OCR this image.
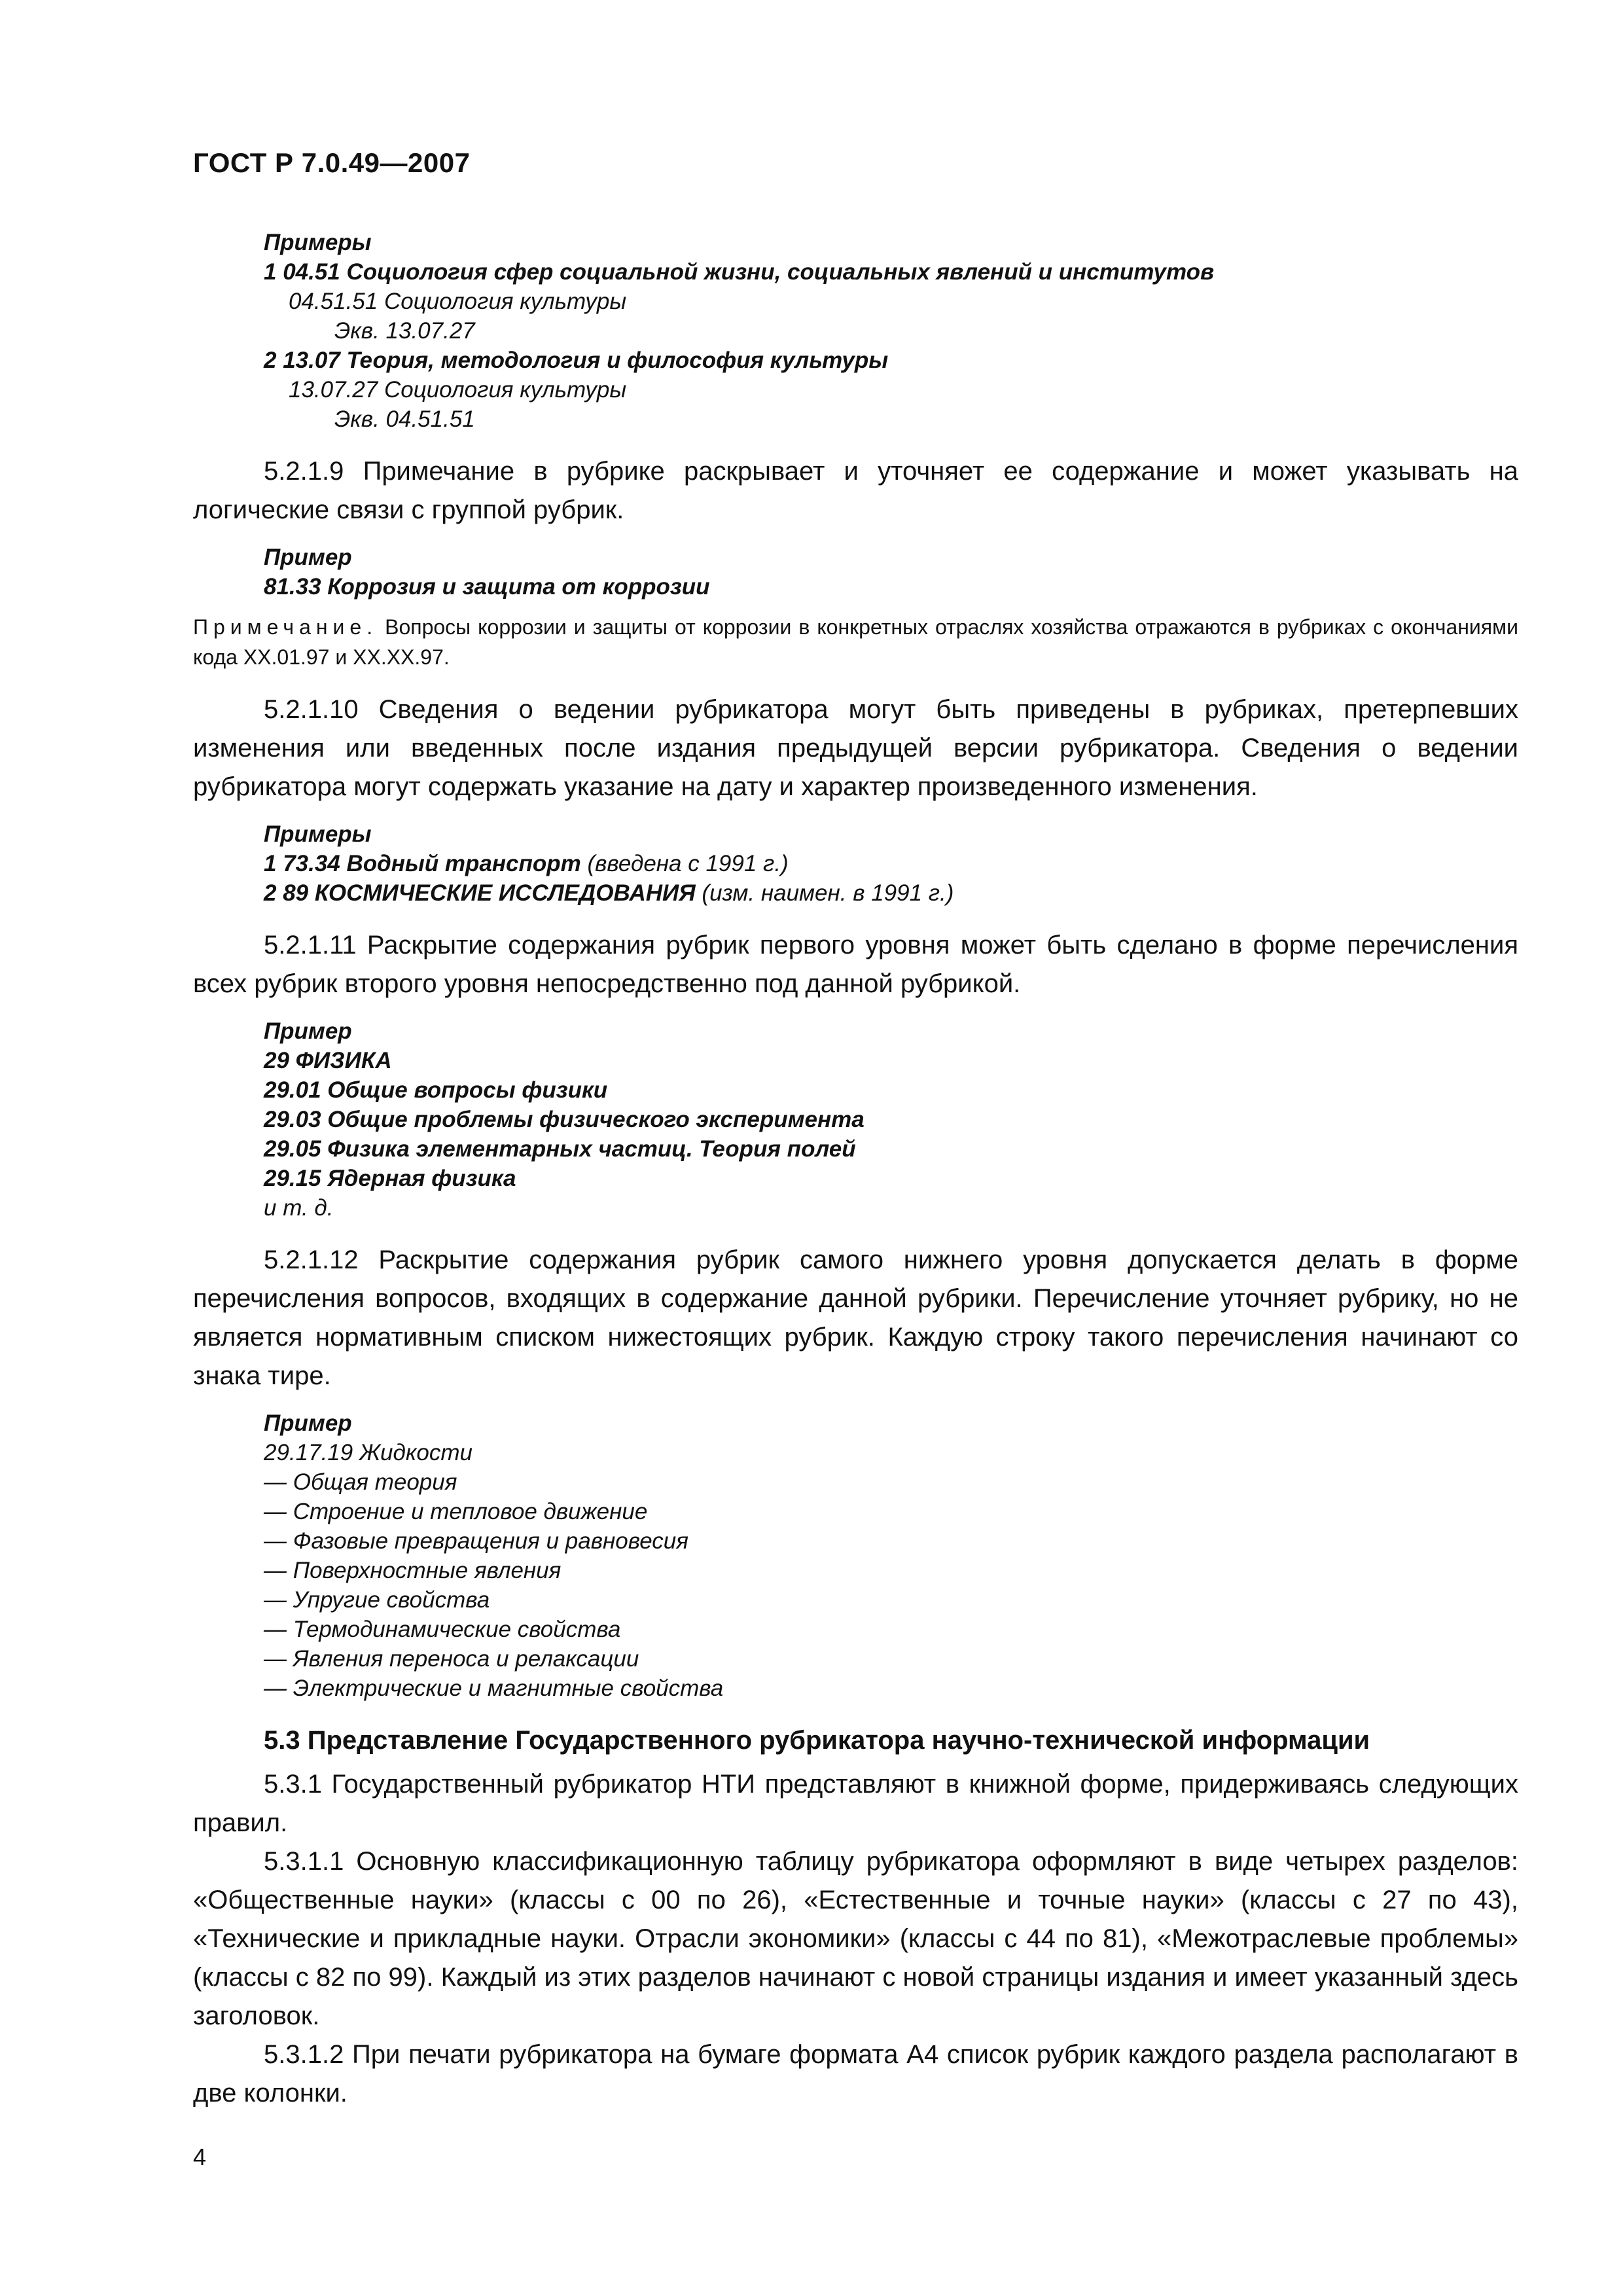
ГОСТ Р 7.0.49—2007
Примеры
1 04.51 Социология сфер социальной жизни, социальных явлений и институтов
04.51.51 Социология культуры
Экв. 13.07.27
2 13.07 Теория, методология и философия культуры
13.07.27 Социология культуры
Экв. 04.51.51

5.2.1.9 Примечание в рубрике раскрывает и уточняет ее содержание и может указывать на логические связи с группой рубрик.

Пример
81.33 Коррозия и защита от коррозии
Примечание. Вопросы коррозии и защиты от коррозии в конкретных отраслях хозяйства отражаются в рубриках с окончаниями кода XX.01.97 и XX.XX.97.

5.2.1.10 Сведения о ведении рубрикатора могут быть приведены в рубриках, претерпевших изменения или введенных после издания предыдущей версии рубрикатора. Сведения о ведении рубрикатора могут содержать указание на дату и характер произведенного изменения.

Примеры
1 73.34 Водный транспорт (введена с 1991 г.)
2 89 КОСМИЧЕСКИЕ ИССЛЕДОВАНИЯ (изм. наимен. в 1991 г.)

5.2.1.11 Раскрытие содержания рубрик первого уровня может быть сделано в форме перечисления всех рубрик второго уровня непосредственно под данной рубрикой.

Пример
29 ФИЗИКА
29.01 Общие вопросы физики
29.03 Общие проблемы физического эксперимента
29.05 Физика элементарных частиц. Теория полей
29.15 Ядерная физика
и т. д.

5.2.1.12 Раскрытие содержания рубрик самого нижнего уровня допускается делать в форме перечисления вопросов, входящих в содержание данной рубрики. Перечисление уточняет рубрику, но не является нормативным списком нижестоящих рубрик. Каждую строку такого перечисления начинают со знака тире.

Пример
29.17.19 Жидкости
— Общая теория
— Строение и тепловое движение
— Фазовые превращения и равновесия
— Поверхностные явления
— Упругие свойства
— Термодинамические свойства
— Явления переноса и релаксации
— Электрические и магнитные свойства
5.3 Представление Государственного рубрикатора научно-технической информации

5.3.1 Государственный рубрикатор НТИ представляют в книжной форме, придерживаясь следующих правил.

5.3.1.1 Основную классификационную таблицу рубрикатора оформляют в виде четырех разделов: «Общественные науки» (классы с 00 по 26), «Естественные и точные науки» (классы с 27 по 43), «Технические и прикладные науки. Отрасли экономики» (классы с 44 по 81), «Межотраслевые проблемы» (классы с 82 по 99). Каждый из этих разделов начинают с новой страницы издания и имеет указанный здесь заголовок.

5.3.1.2 При печати рубрикатора на бумаге формата А4 список рубрик каждого раздела располагают в две колонки.

4
